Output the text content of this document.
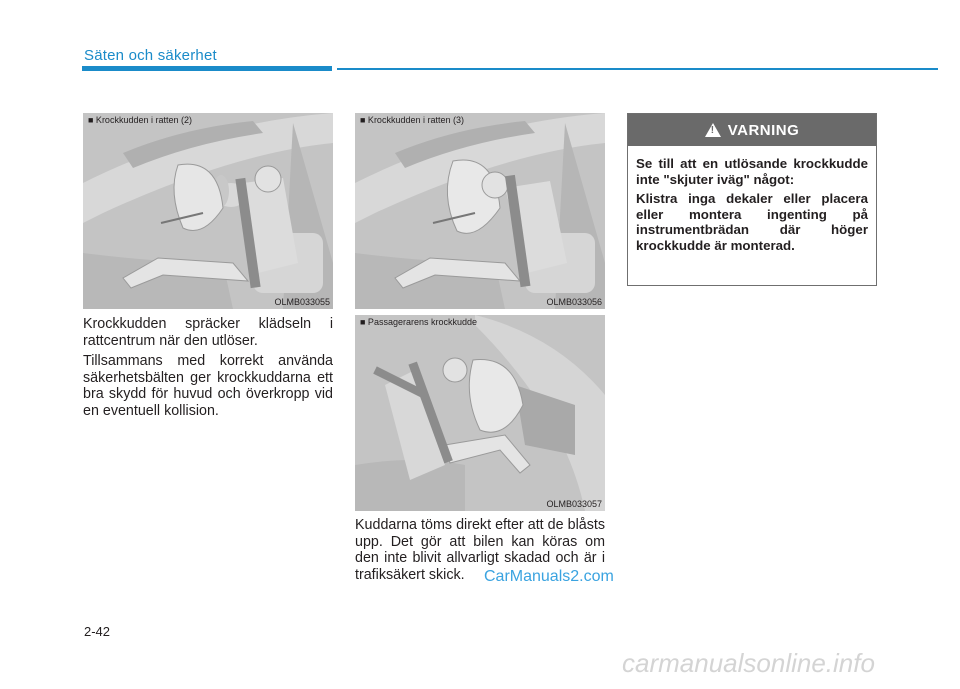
Säten och säkerhet
■ Krockkudden i ratten (2)
OLMB033055
■ Krockkudden i ratten (3)
OLMB033056
■ Passagerarens krockkudde
OLMB033057

Krockkudden spräcker klädseln i rattcentrum när den utlöser.

Tillsammans med korrekt använda säkerhetsbälten ger krockkuddarna ett bra skydd för huvud och överkropp vid en eventuell kollision.

Kuddarna töms direkt efter att de blåsts upp. Det gör att bilen kan köras om den inte blivit allvarligt skadad och är i trafiksäkert skick.

! VARNING

Se till att en utlösande krockkudde inte "skjuter iväg" något:

Klistra inga dekaler eller placera eller montera ingenting på instrumentbrädan där höger krockkudde är monterad.

2-42
CarManuals2.com
carmanualsonline.info
